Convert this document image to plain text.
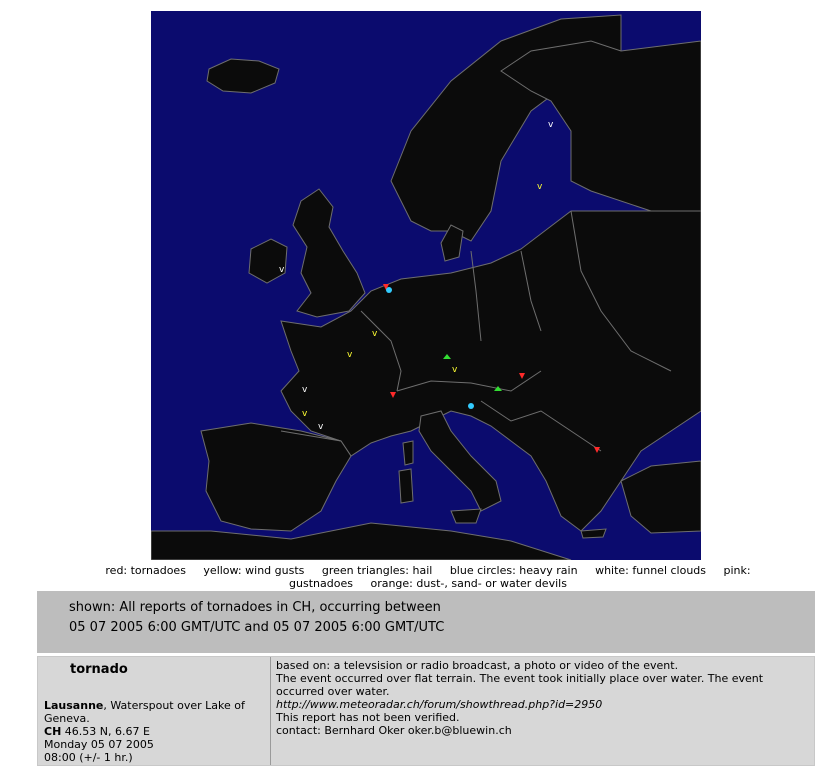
v
v
v
v
v
v
v
v
v
red: tornadoes yellow: wind gusts green triangles: hail blue circles: heavy rain white: funnel clouds pink:
gustnadoes orange: dust-, sand- or water devils
shown: All reports of tornadoes in CH, occurring between
05 07 2005 6:00 GMT/UTC and 05 07 2005 6:00 GMT/UTC
tornado
Lausanne, Waterspout over Lake of Geneva.
CH 46.53 N, 6.67 E
Monday 05 07 2005
08:00 (+/- 1 hr.)
based on: a televsision or radio broadcast, a photo or video of the event.
The event occurred over flat terrain. The event took initially place over water. The event occurred over water.
http://www.meteoradar.ch/forum/showthread.php?id=2950
This report has not been verified.
contact: Bernhard Oker oker.b@bluewin.ch
